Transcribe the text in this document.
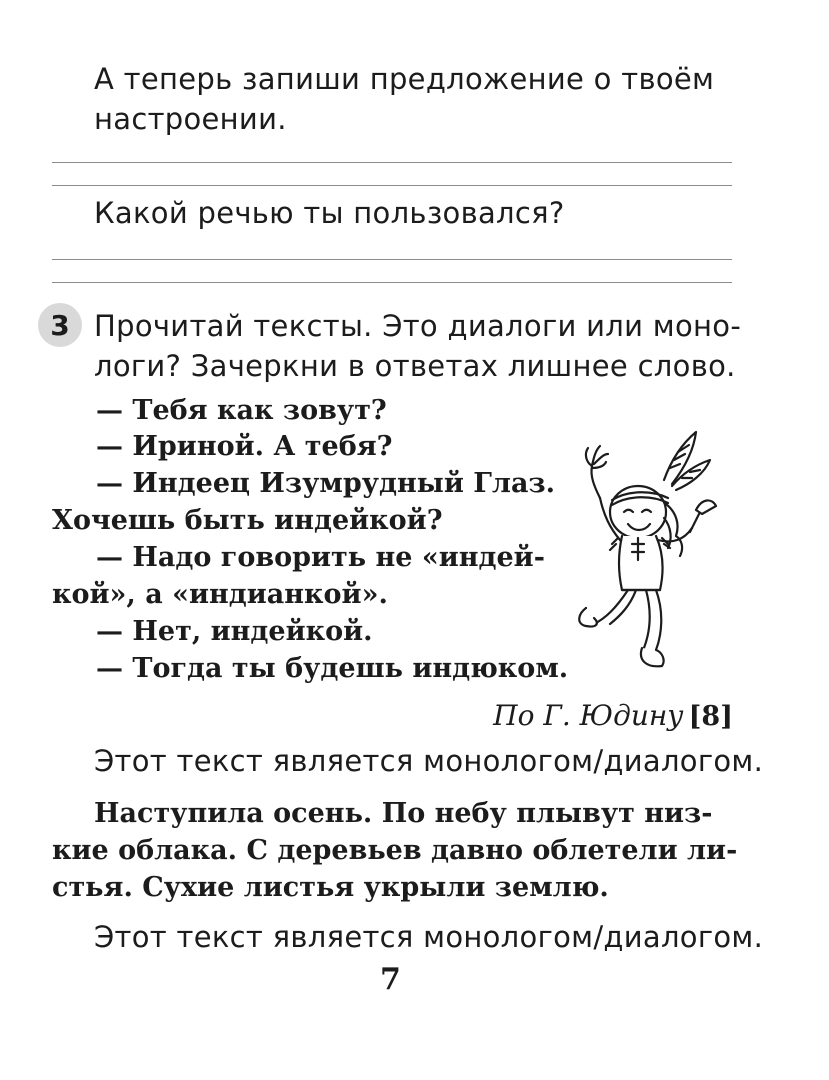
А теперь запиши предложение о твоём
настроении.
Какой речью ты пользовался?
3 Прочитай тексты. Это диалоги или моно-
логи? Зачеркни в ответах лишнее слово.
— Тебя как зовут?
— Ириной. А тебя?
— Индеец Изумрудный Глаз.
Хочешь быть индейкой?
— Надо говорить не «индей-
кой», а «индианкой».
— Нет, индейкой.
— Тогда ты будешь индюком.
По Г. Юдину [8]
Этот текст является монологом/диалогом.
Наступила осень. По небу плывут низ-
кие облака. С деревьев давно облетели ли-
стья. Сухие листья укрыли землю.
Этот текст является монологом/диалогом.
7
